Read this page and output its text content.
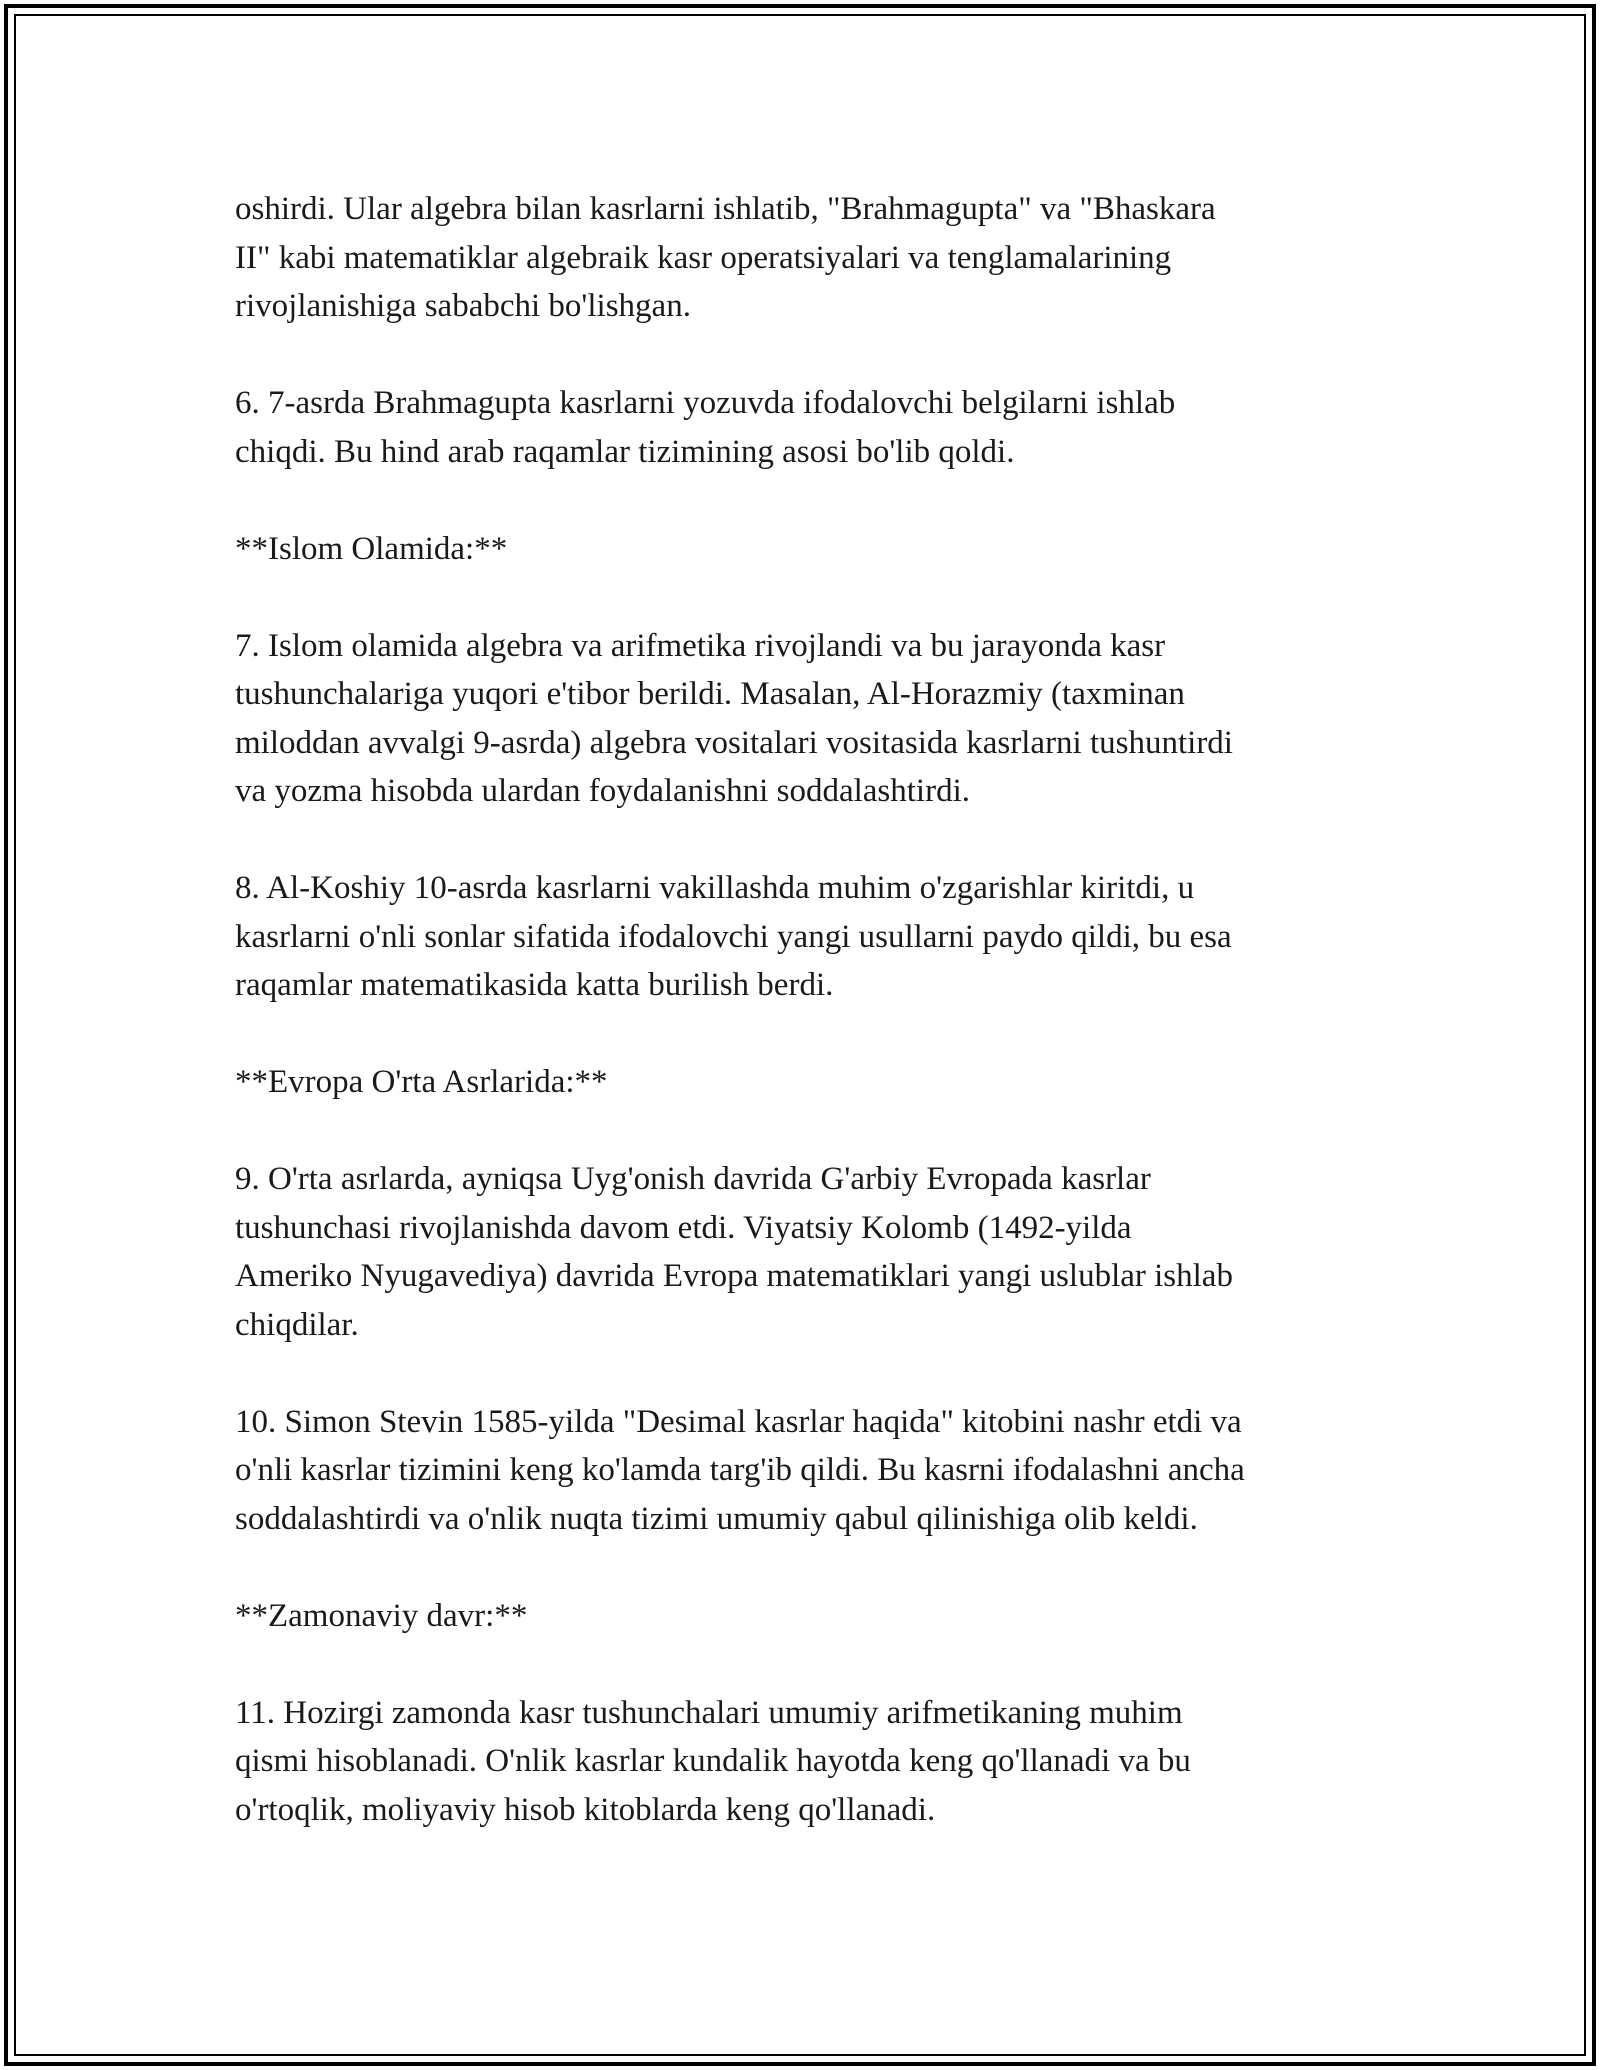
oshirdi. Ular algebra bilan kasrlarni ishlatib, "Brahmagupta" va "Bhaskara
II" kabi matematiklar algebraik kasr operatsiyalari va tenglamalarining
rivojlanishiga sababchi bo'lishgan.

6. 7-asrda Brahmagupta kasrlarni yozuvda ifodalovchi belgilarni ishlab
chiqdi. Bu hind arab raqamlar tizimining asosi bo'lib qoldi.

**Islom Olamida:**

7. Islom olamida algebra va arifmetika rivojlandi va bu jarayonda kasr
tushunchalariga yuqori e'tibor berildi. Masalan, Al-Horazmiy (taxminan
miloddan avvalgi 9-asrda) algebra vositalari vositasida kasrlarni tushuntirdi
va yozma hisobda ulardan foydalanishni soddalashtirdi.

8. Al-Koshiy 10-asrda kasrlarni vakillashda muhim o'zgarishlar kiritdi, u
kasrlarni o'nli sonlar sifatida ifodalovchi yangi usullarni paydo qildi, bu esa
raqamlar matematikasida katta burilish berdi.

**Evropa O'rta Asrlarida:**

9. O'rta asrlarda, ayniqsa Uyg'onish davrida G'arbiy Evropada kasrlar
tushunchasi rivojlanishda davom etdi. Viyatsiy Kolomb (1492-yilda
Ameriko Nyugavediya) davrida Evropa matematiklari yangi uslublar ishlab
chiqdilar.

10. Simon Stevin 1585-yilda "Desimal kasrlar haqida" kitobini nashr etdi va
o'nli kasrlar tizimini keng ko'lamda targ'ib qildi. Bu kasrni ifodalashni ancha
soddalashtirdi va o'nlik nuqta tizimi umumiy qabul qilinishiga olib keldi.

**Zamonaviy davr:**

11. Hozirgi zamonda kasr tushunchalari umumiy arifmetikaning muhim
qismi hisoblanadi. O'nlik kasrlar kundalik hayotda keng qo'llanadi va bu
o'rtoqlik, moliyaviy hisob kitoblarda keng qo'llanadi.
